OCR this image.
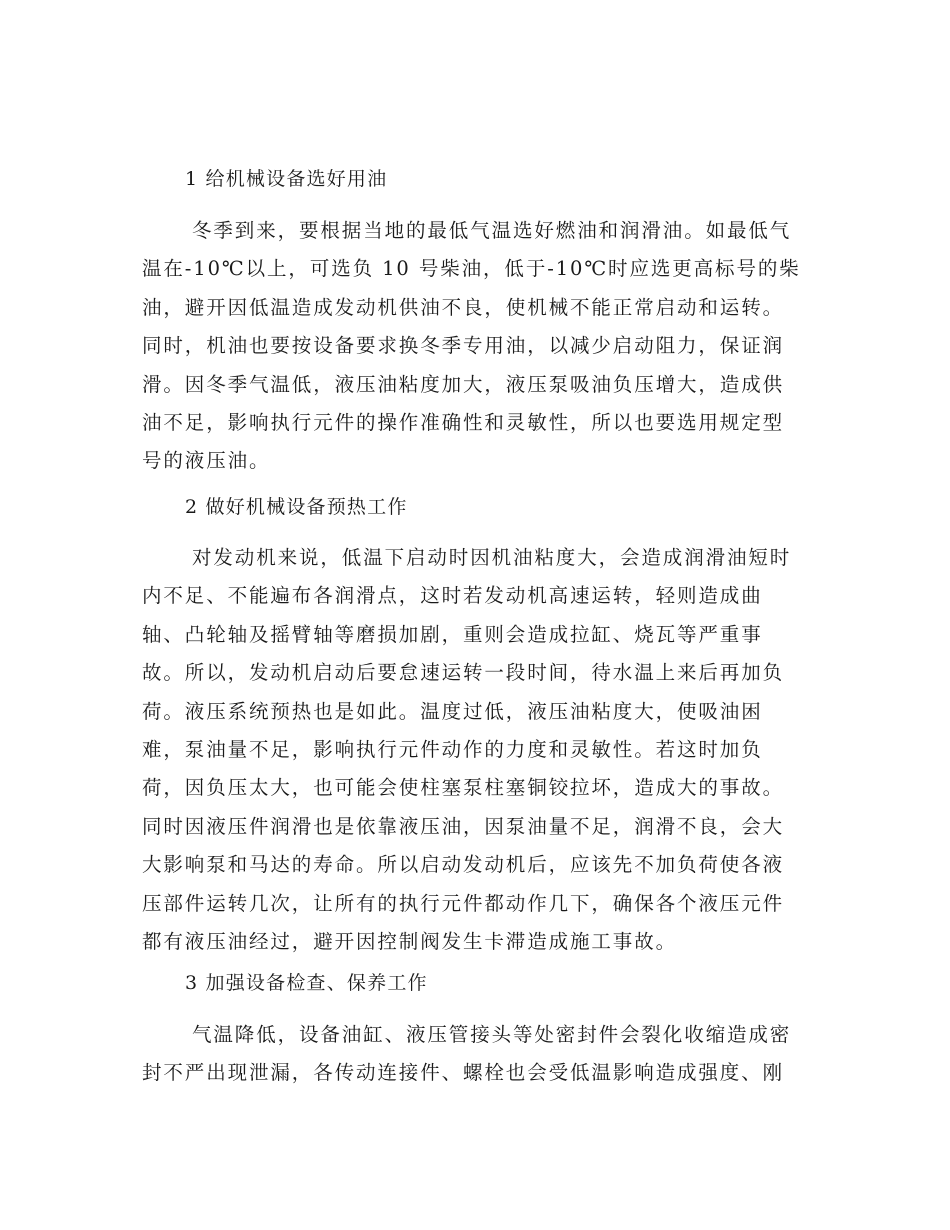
1 给机械设备选好用油
冬季到来，要根据当地的最低气温选好燃油和润滑油。如最低气
温在-10℃以上，可选负 10 号柴油，低于-10℃时应选更高标号的柴
油，避开因低温造成发动机供油不良，使机械不能正常启动和运转。
同时，机油也要按设备要求换冬季专用油，以减少启动阻力，保证润
滑。因冬季气温低，液压油粘度加大，液压泵吸油负压增大，造成供
油不足，影响执行元件的操作准确性和灵敏性，所以也要选用规定型
号的液压油。
2 做好机械设备预热工作
对发动机来说，低温下启动时因机油粘度大，会造成润滑油短时
内不足、不能遍布各润滑点，这时若发动机高速运转，轻则造成曲
轴、凸轮轴及摇臂轴等磨损加剧，重则会造成拉缸、烧瓦等严重事
故。所以，发动机启动后要怠速运转一段时间，待水温上来后再加负
荷。液压系统预热也是如此。温度过低，液压油粘度大，使吸油困
难，泵油量不足，影响执行元件动作的力度和灵敏性。若这时加负
荷，因负压太大，也可能会使柱塞泵柱塞铜铰拉坏，造成大的事故。
同时因液压件润滑也是依靠液压油，因泵油量不足，润滑不良，会大
大影响泵和马达的寿命。所以启动发动机后，应该先不加负荷使各液
压部件运转几次，让所有的执行元件都动作几下，确保各个液压元件
都有液压油经过，避开因控制阀发生卡滞造成施工事故。
3 加强设备检查、保养工作
气温降低，设备油缸、液压管接头等处密封件会裂化收缩造成密
封不严出现泄漏，各传动连接件、螺栓也会受低温影响造成强度、刚
